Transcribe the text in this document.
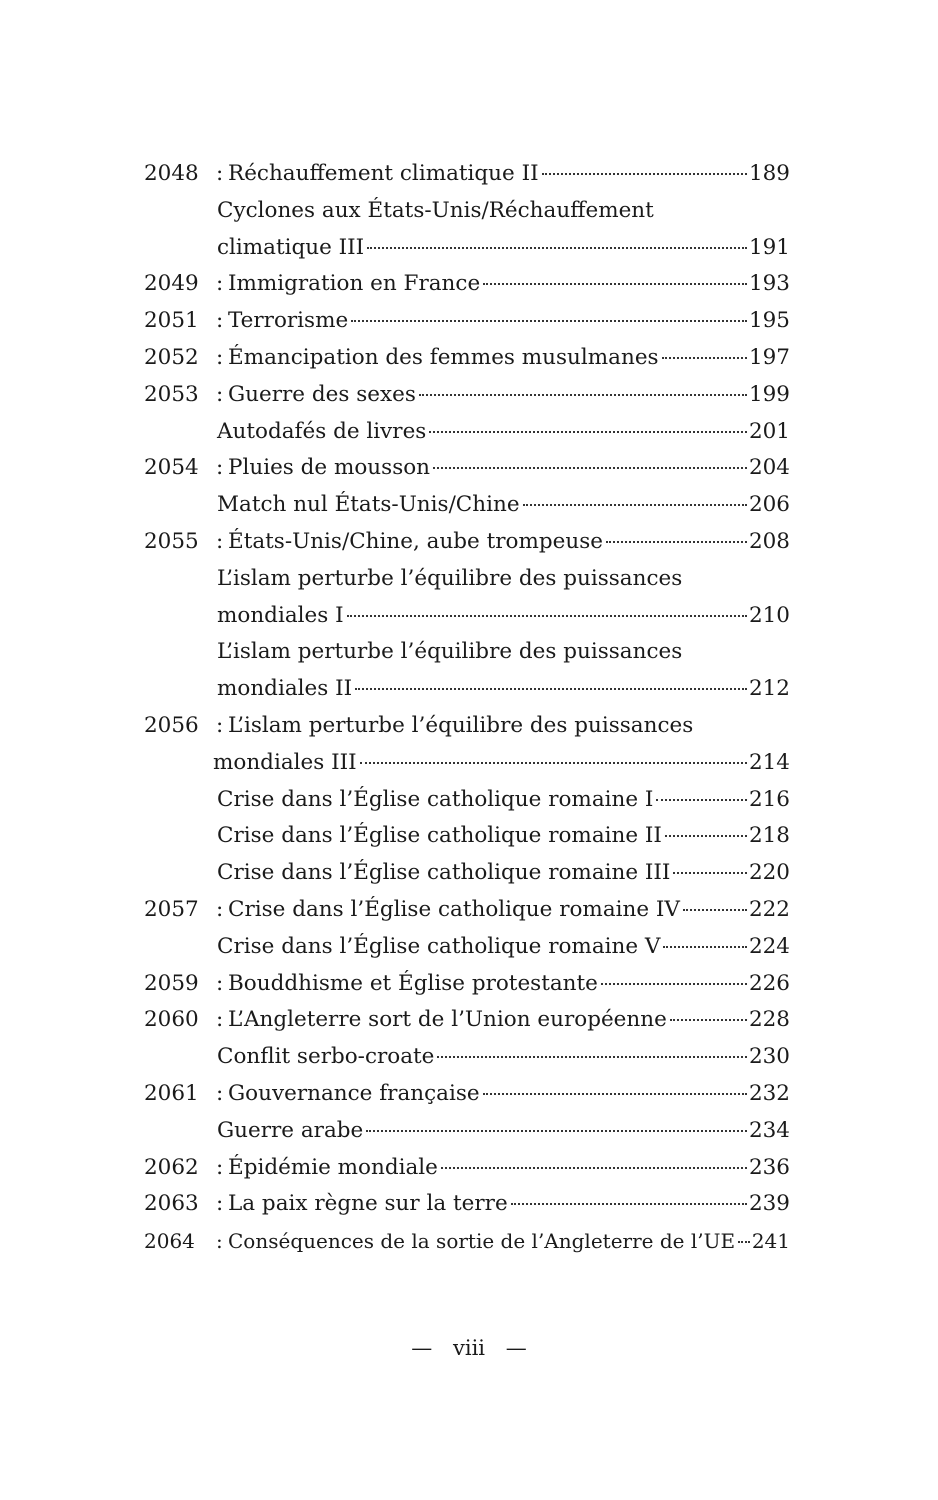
2048 : Réchauffement climatique II	189
Cyclones aux États-Unis/Réchauffement
climatique III	191
2049 : Immigration en France	193
2051 : Terrorisme	195
2052 : Émancipation des femmes musulmanes	197
2053 : Guerre des sexes	199
Autodafés de livres	201
2054 : Pluies de mousson	204
Match nul États-Unis/Chine	206
2055 : États-Unis/Chine, aube trompeuse	208
L’islam perturbe l’équilibre des puissances
mondiales I	210
L’islam perturbe l’équilibre des puissances
mondiales II	212
2056 : L’islam perturbe l’équilibre des puissances
mondiales III	214
Crise dans l’Église catholique romaine I	216
Crise dans l’Église catholique romaine II	218
Crise dans l’Église catholique romaine III	220
2057 : Crise dans l’Église catholique romaine IV	222
Crise dans l’Église catholique romaine V	224
2059 : Bouddhisme et Église protestante	226
2060 : L’Angleterre sort de l’Union européenne	228
Conflit serbo-croate	230
2061 : Gouvernance française	232
Guerre arabe	234
2062 : Épidémie mondiale	236
2063 : La paix règne sur la terre	239
2064	: Conséquences de la sortie de l’Angleterre de l’UE 241
— viii —
